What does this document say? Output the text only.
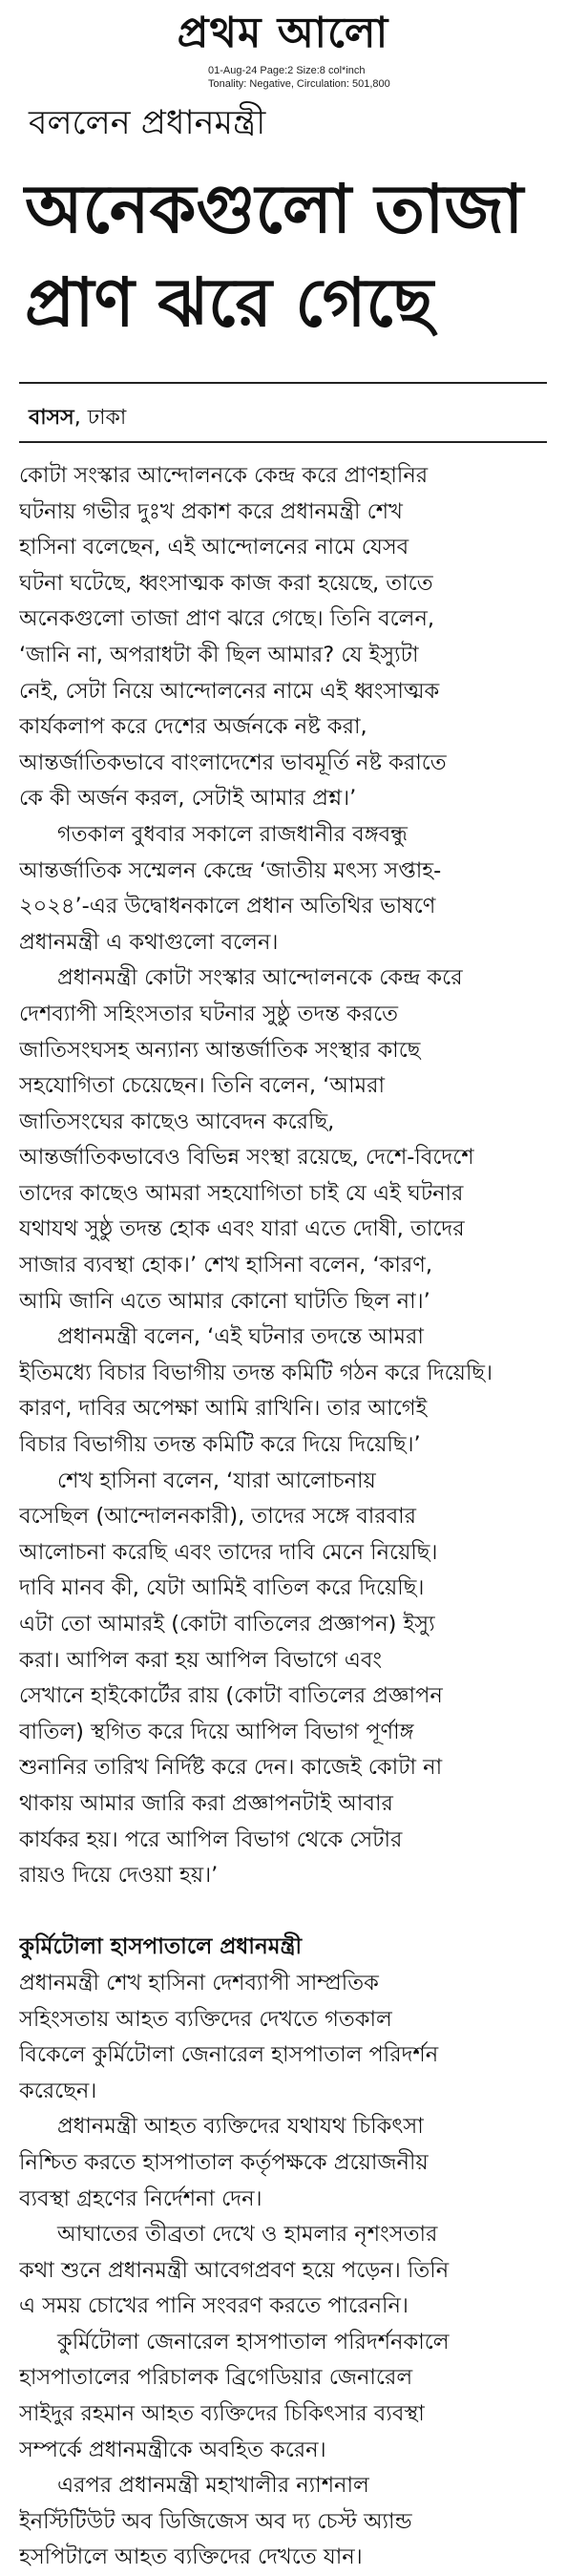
প্রথম আলো
01-Aug-24 Page:2 Size:8 col*inch
Tonality: Negative, Circulation: 501,800
বললেন প্রধানমন্ত্রী
অনেকগুলো তাজা
প্রাণ ঝরে গেছে
বাসস, ঢাকা
কোটা সংস্কার আন্দোলনকে কেন্দ্র করে প্রাণহানির
ঘটনায় গভীর দুঃখ প্রকাশ করে প্রধানমন্ত্রী শেখ
হাসিনা বলেছেন, এই আন্দোলনের নামে যেসব
ঘটনা ঘটেছে, ধ্বংসাত্মক কাজ করা হয়েছে, তাতে
অনেকগুলো তাজা প্রাণ ঝরে গেছে। তিনি বলেন,
‘জানি না, অপরাধটা কী ছিল আমার? যে ইস্যুটা
নেই, সেটা নিয়ে আন্দোলনের নামে এই ধ্বংসাত্মক
কার্যকলাপ করে দেশের অর্জনকে নষ্ট করা,
আন্তর্জাতিকভাবে বাংলাদেশের ভাবমূর্তি নষ্ট করাতে
কে কী অর্জন করল, সেটাই আমার প্রশ্ন।’
গতকাল বুধবার সকালে রাজধানীর বঙ্গবন্ধু
আন্তর্জাতিক সম্মেলন কেন্দ্রে ‘জাতীয় মৎস্য সপ্তাহ-
২০২৪’-এর উদ্বোধনকালে প্রধান অতিথির ভাষণে
প্রধানমন্ত্রী এ কথাগুলো বলেন।
প্রধানমন্ত্রী কোটা সংস্কার আন্দোলনকে কেন্দ্র করে
দেশব্যাপী সহিংসতার ঘটনার সুষ্ঠু তদন্ত করতে
জাতিসংঘসহ অন্যান্য আন্তর্জাতিক সংস্থার কাছে
সহযোগিতা চেয়েছেন। তিনি বলেন, ‘আমরা
জাতিসংঘের কাছেও আবেদন করেছি,
আন্তর্জাতিকভাবেও বিভিন্ন সংস্থা রয়েছে, দেশে-বিদেশে
তাদের কাছেও আমরা সহযোগিতা চাই যে এই ঘটনার
যথাযথ সুষ্ঠু তদন্ত হোক এবং যারা এতে দোষী, তাদের
সাজার ব্যবস্থা হোক।’ শেখ হাসিনা বলেন, ‘কারণ,
আমি জানি এতে আমার কোনো ঘাটতি ছিল না।’
প্রধানমন্ত্রী বলেন, ‘এই ঘটনার তদন্তে আমরা
ইতিমধ্যে বিচার বিভাগীয় তদন্ত কমিটি গঠন করে দিয়েছি।
কারণ, দাবির অপেক্ষা আমি রাখিনি। তার আগেই
বিচার বিভাগীয় তদন্ত কমিটি করে দিয়ে দিয়েছি।’
শেখ হাসিনা বলেন, ‘যারা আলোচনায়
বসেছিল (আন্দোলনকারী), তাদের সঙ্গে বারবার
আলোচনা করেছি এবং তাদের দাবি মেনে নিয়েছি।
দাবি মানব কী, যেটা আমিই বাতিল করে দিয়েছি।
এটা তো আমারই (কোটা বাতিলের প্রজ্ঞাপন) ইস্যু
করা। আপিল করা হয় আপিল বিভাগে এবং
সেখানে হাইকোর্টের রায় (কোটা বাতিলের প্রজ্ঞাপন
বাতিল) স্থগিত করে দিয়ে আপিল বিভাগ পূর্ণাঙ্গ
শুনানির তারিখ নির্দিষ্ট করে দেন। কাজেই কোটা না
থাকায় আমার জারি করা প্রজ্ঞাপনটাই আবার
কার্যকর হয়। পরে আপিল বিভাগ থেকে সেটার
রায়ও দিয়ে দেওয়া হয়।’

কুর্মিটোলা হাসপাতালে প্রধানমন্ত্রী
প্রধানমন্ত্রী শেখ হাসিনা দেশব্যাপী সাম্প্রতিক
সহিংসতায় আহত ব্যক্তিদের দেখতে গতকাল
বিকেলে কুর্মিটোলা জেনারেল হাসপাতাল পরিদর্শন
করেছেন।
প্রধানমন্ত্রী আহত ব্যক্তিদের যথাযথ চিকিৎসা
নিশ্চিত করতে হাসপাতাল কর্তৃপক্ষকে প্রয়োজনীয়
ব্যবস্থা গ্রহণের নির্দেশনা দেন।
আঘাতের তীব্রতা দেখে ও হামলার নৃশংসতার
কথা শুনে প্রধানমন্ত্রী আবেগপ্রবণ হয়ে পড়েন। তিনি
এ সময় চোখের পানি সংবরণ করতে পারেননি।
কুর্মিটোলা জেনারেল হাসপাতাল পরিদর্শনকালে
হাসপাতালের পরিচালক ব্রিগেডিয়ার জেনারেল
সাইদুর রহমান আহত ব্যক্তিদের চিকিৎসার ব্যবস্থা
সম্পর্কে প্রধানমন্ত্রীকে অবহিত করেন।
এরপর প্রধানমন্ত্রী মহাখালীর ন্যাশনাল
ইনস্টিটিউট অব ডিজিজেস অব দ্য চেস্ট অ্যান্ড
হসপিটালে আহত ব্যক্তিদের দেখতে যান।
